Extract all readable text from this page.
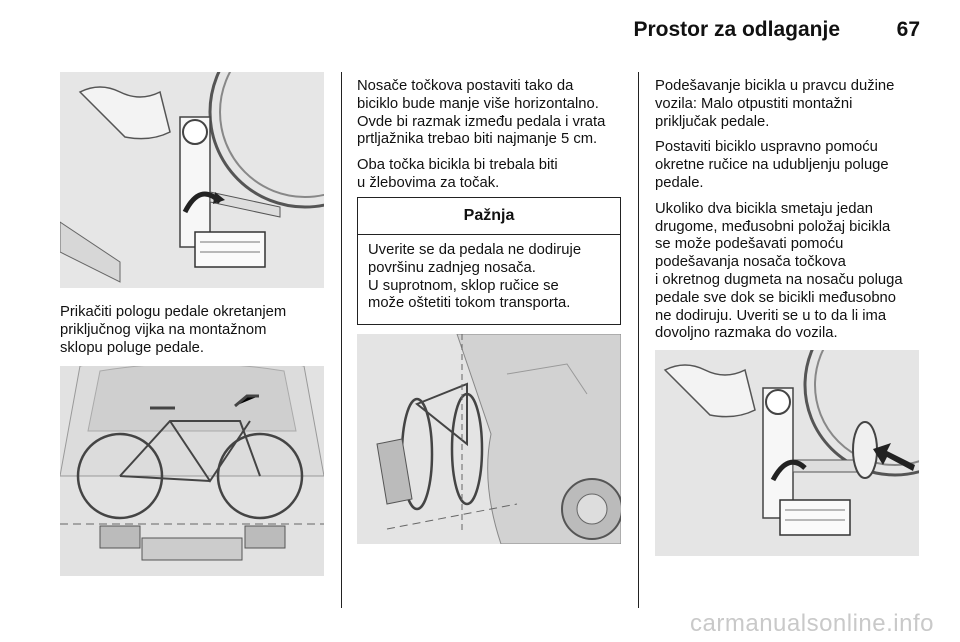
Prostor za odlaganje	67

Prikačiti pologu pedale okretanjem
priključnog vijka na montažnom
sklopu poluge pedale.

Nosače točkova postaviti tako da
biciklo bude manje više horizontalno.
Ovde bi razmak između pedala i vrata
prtljažnika trebao biti najmanje 5 cm.

Oba točka bicikla bi trebala biti
u žlebovima za točak.

Pažnja
Uverite se da pedala ne dodiruje
površinu zadnjeg nosača.
U suprotnom, sklop ručice se
može oštetiti tokom transporta.

Podešavanje bicikla u pravcu dužine
vozila: Malo otpustiti montažni
priključak pedale.

Postaviti biciklo uspravno pomoću
okretne ručice na udubljenju poluge
pedale.

Ukoliko dva bicikla smetaju jedan
drugome, međusobni položaj bicikla
se može podešavati pomoću
podešavanja nosača točkova
i okretnog dugmeta na nosaču poluga
pedale sve dok se bicikli međusobno
ne dodiruju. Uveriti se u to da li ima
dovoljno razmaka do vozila.

carmanualsonline.info
